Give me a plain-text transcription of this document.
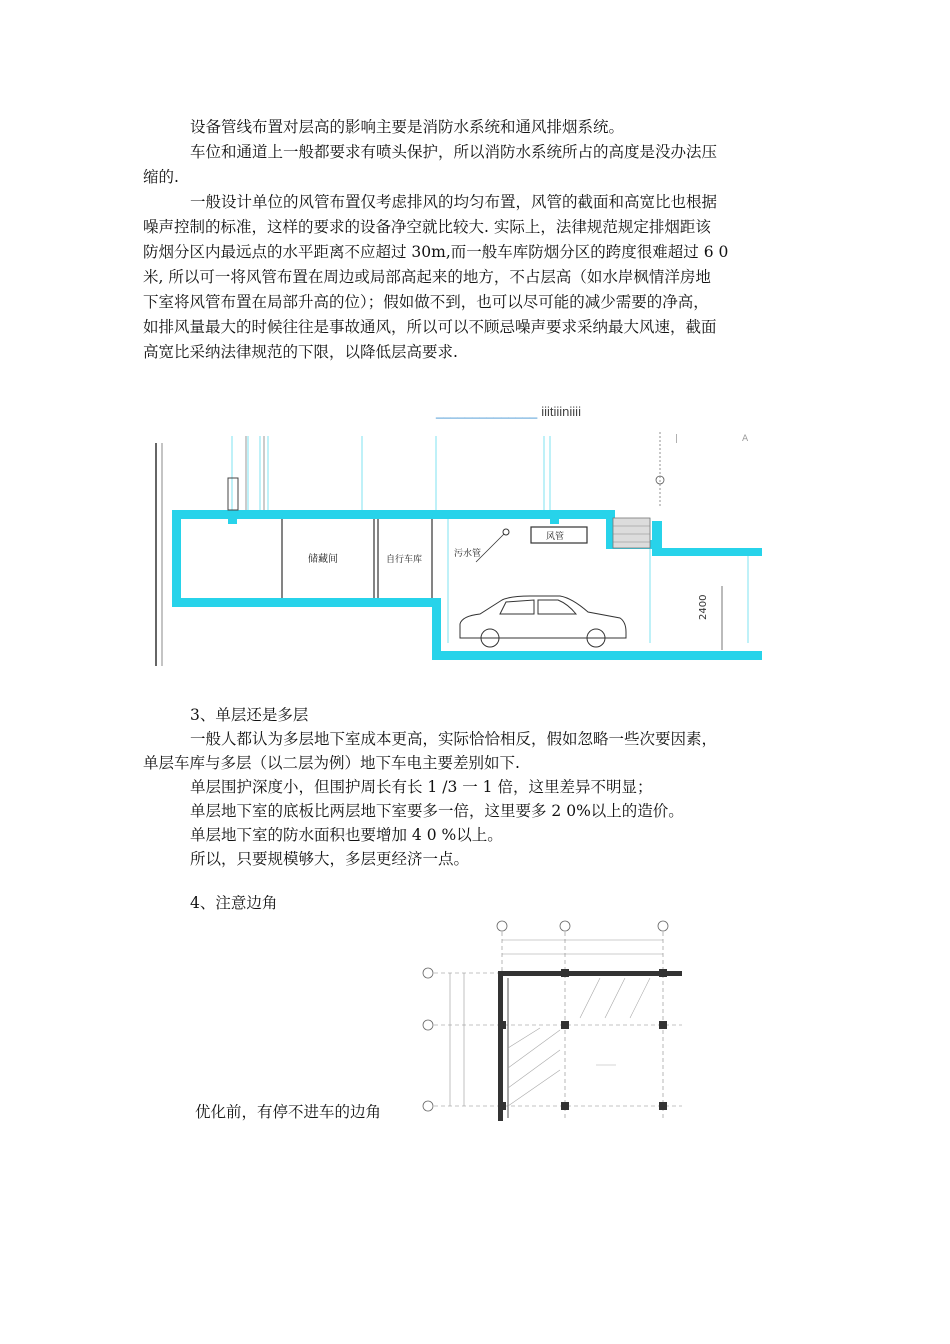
设备管线布置对层高的影响主要是消防水系统和通风排烟系统。
车位和通道上一般都要求有喷头保护，所以消防水系统所占的高度是没办法压
缩的.
一般设计单位的风管布置仅考虑排风的均匀布置，风管的截面和高宽比也根据
噪声控制的标准，这样的要求的设备净空就比较大. 实际上，法律规范规定排烟距该
防烟分区内最远点的水平距离不应超过 30m,而一般车库防烟分区的跨度很难超过 6 0
米, 所以可一将风管布置在周边或局部高起来的地方，不占层高（如水岸枫情洋房地
下室将风管布置在局部升高的位）；假如做不到，也可以尽可能的减少需要的净高，
如排风量最大的时候往往是事故通风，所以可以不顾忌噪声要求采纳最大风速，截面
高宽比采纳法律规范的下限，以降低层高要求.
______________ iiitiiiniiii
储藏间	自行车库
污水管
风管
2400
|	A
3、单层还是多层
一般人都认为多层地下室成本更高，实际恰恰相反，假如忽略一些次要因素，
单层车库与多层（以二层为例）地下车电主要差别如下.
单层围护深度小，但围护周长有长 1 /3 一 1 倍，这里差异不明显；
单层地下室的底板比两层地下室要多一倍，这里要多 2 0%以上的造价。
单层地下室的防水面积也要增加 4 0 %以上。
所以，只要规模够大，多层更经济一点。
4、注意边角
优化前，有停不进车的边角
